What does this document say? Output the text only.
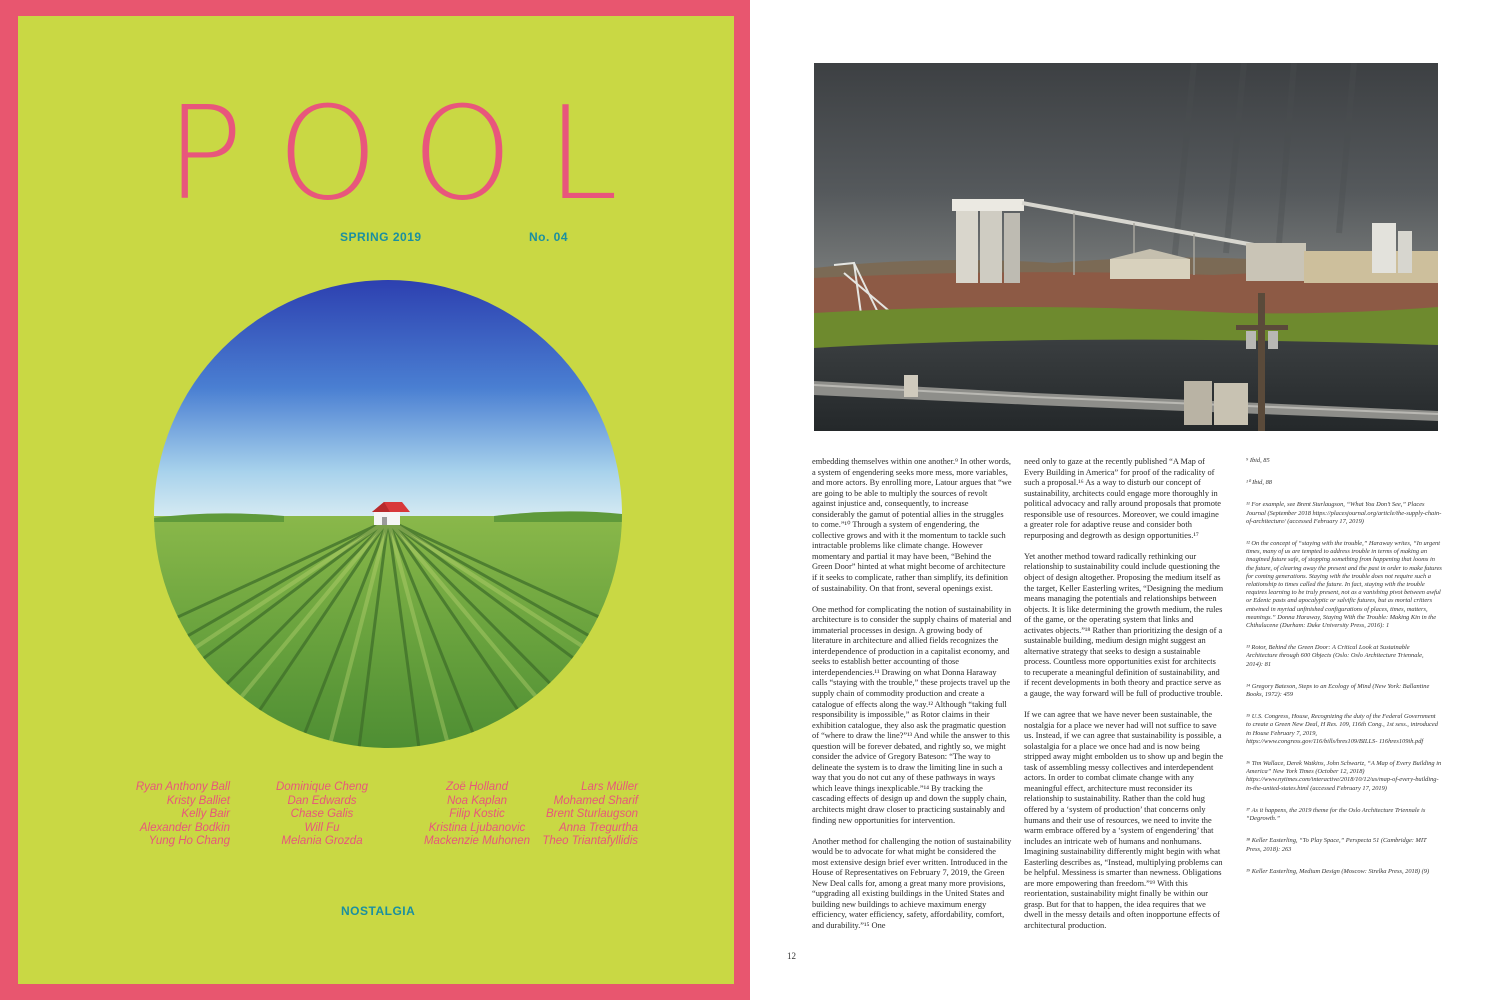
POOL
SPRING 2019	No. 04
Ryan Anthony Ball
Kristy Balliet
Kelly Bair
Alexander Bodkin
Yung Ho Chang
Dominique Cheng
Dan Edwards
Chase Galis
Will Fu
Melania Grozda
Zoë Holland
Noa Kaplan
Filip Kostic
Kristina Ljubanovic
Mackenzie Muhonen
Lars Müller
Mohamed Sharif
Brent Sturlaugson
Anna Tregurtha
Theo Triantafyllidis
NOSTALGIA

embedding themselves within one another.⁹ In other words, a system of engendering seeks more mess, more variables, and more actors. By enrolling more, Latour argues that “we are going to be able to multiply the sources of revolt against injustice and, consequently, to increase considerably the gamut of potential allies in the struggles to come.”¹⁰ Through a system of engendering, the collective grows and with it the momentum to tackle such intractable problems like climate change. However momentary and partial it may have been, “Behind the Green Door” hinted at what might become of architecture if it seeks to complicate, rather than simplify, its definition of sustainability. On that front, several openings exist.

One method for complicating the notion of sustainability in architecture is to consider the supply chains of material and immaterial processes in design. A growing body of literature in architecture and allied fields recognizes the interdependence of production in a capitalist economy, and seeks to establish better accounting of those interdependencies.¹¹ Drawing on what Donna Haraway calls “staying with the trouble,” these projects travel up the supply chain of commodity production and create a catalogue of effects along the way.¹² Although “taking full responsibility is impossible,” as Rotor claims in their exhibition catalogue, they also ask the pragmatic question of “where to draw the line?”¹³ And while the answer to this question will be forever debated, and rightly so, we might consider the advice of Gregory Bateson: “The way to delineate the system is to draw the limiting line in such a way that you do not cut any of these pathways in ways which leave things inexplicable.”¹⁴ By tracking the cascading effects of design up and down the supply chain, architects might draw closer to practicing sustainably and finding new opportunities for intervention.

Another method for challenging the notion of sustainability would be to advocate for what might be considered the most extensive design brief ever written. Introduced in the House of Representatives on February 7, 2019, the Green New Deal calls for, among a great many more provisions, “upgrading all existing buildings in the United States and building new buildings to achieve maximum energy efficiency, water efficiency, safety, affordability, comfort, and durability.”¹⁵ One

need only to gaze at the recently published “A Map of Every Building in America” for proof of the radicality of such a proposal.¹⁶ As a way to disturb our concept of sustainability, architects could engage more thoroughly in political advocacy and rally around proposals that promote responsible use of resources. Moreover, we could imagine a greater role for adaptive reuse and consider both repurposing and degrowth as design opportunities.¹⁷

Yet another method toward radically rethinking our relationship to sustainability could include questioning the object of design altogether. Proposing the medium itself as the target, Keller Easterling writes, “Designing the medium means managing the potentials and relationships between objects. It is like determining the growth medium, the rules of the game, or the operating system that links and activates objects.”¹⁸ Rather than prioritizing the design of a sustainable building, medium design might suggest an alternative strategy that seeks to design a sustainable process. Countless more opportunities exist for architects to recuperate a meaningful definition of sustainability, and if recent developments in both theory and practice serve as a gauge, the way forward will be full of productive trouble.

If we can agree that we have never been sustainable, the nostalgia for a place we never had will not suffice to save us. Instead, if we can agree that sustainability is possible, a solastalgia for a place we once had and is now being stripped away might embolden us to show up and begin the task of assembling messy collectives and interdependent actors. In order to combat climate change with any meaningful effect, architecture must reconsider its relationship to sustainability. Rather than the cold hug offered by a ‘system of production’ that concerns only humans and their use of resources, we need to invite the warm embrace offered by a ‘system of engendering’ that includes an intricate web of humans and nonhumans. Imagining sustainability differently might begin with what Easterling describes as, “Instead, multiplying problems can be helpful. Messiness is smarter than newness. Obligations are more empowering than freedom.”¹⁹ With this reorientation, sustainability might finally be within our grasp. But for that to happen, the idea requires that we dwell in the messy details and often inopportune effects of architectural production.

⁹ Ibid, 85
¹⁰ Ibid, 88
¹¹ For example, see Brent Sturlaugson, “What You Don’t See,” Places Journal (September 2018 https://placesjournal.org/article/the-supply-chain-of-architecture/ (accessed February 17, 2019)
¹² On the concept of “staying with the trouble,” Haraway writes, “In urgent times, many of us are tempted to address trouble in terms of making an imagined future safe, of stopping something from happening that looms in the future, of clearing away the present and the past in order to make futures for coming generations. Staying with the trouble does not require such a relationship to times called the future. In fact, staying with the trouble requires learning to be truly present, not as a vanishing pivot between awful or Edenic pasts and apocalyptic or salvific futures, but as mortal critters entwined in myriad unfinished configurations of places, times, matters, meanings.” Donna Haraway, Staying With the Trouble: Making Kin in the Chthulucene (Durham: Duke University Press, 2016): 1
¹³ Rotor, Behind the Green Door: A Critical Look at Sustainable Architecture through 600 Objects (Oslo: Oslo Architecture Triennale, 2014): 81
¹⁴ Gregory Bateson, Steps to an Ecology of Mind (New York: Ballantine Books, 1972): 459
¹⁵ U.S. Congress, House, Recognizing the duty of the Federal Government to create a Green New Deal, H Res. 109, 116th Cong., 1st sess., introduced in House February 7, 2019, https://www.congress.gov/116/bills/hres109/BILLS- 116hres109ih.pdf
¹⁶ Tim Wallace, Derek Watkins, John Schwartz, “A Map of Every Building in America” New York Times (October 12, 2018) https://www.nytimes.com/interactive/2018/10/12/us/map-of-every-building-in-the-united-states.html (accessed February 17, 2019)
¹⁷ As it happens, the 2019 theme for the Oslo Architecture Triennale is “Degrowth.”
¹⁸ Keller Easterling, “To Play Space,” Perspecta 51 (Cambridge: MIT Press, 2018): 263
¹⁹ Keller Easterling, Medium Design (Moscow: Strelka Press, 2018) (9)
12
